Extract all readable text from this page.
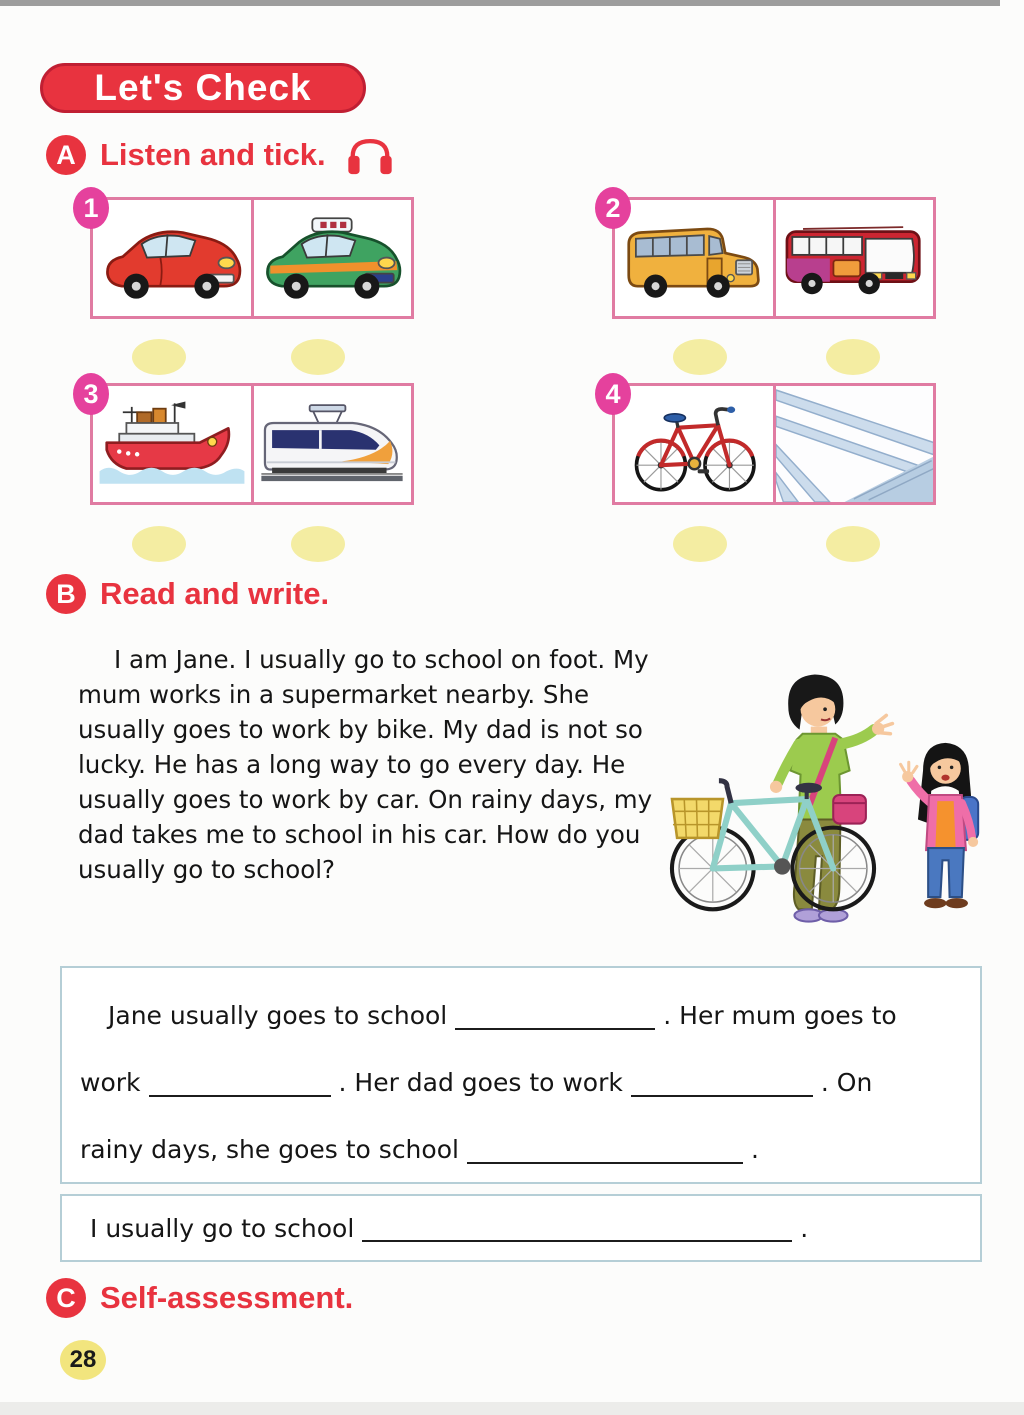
Let's Check
A Listen and tick.
1	2
3	4
B Read and write.

I am Jane. I usually go to school on foot. My mum works in a supermarket nearby. She usually goes to work by bike. My dad is not so lucky. He has a long way to go every day. He usually goes to work by car. On rainy days, my dad takes me to school in his car. How do you usually go to school?

Jane usually goes to school	. Her mum goes to
work	. Her dad goes to work	. On
rainy days, she goes to school	.
I usually go to school	.
C Self-assessment.
28
